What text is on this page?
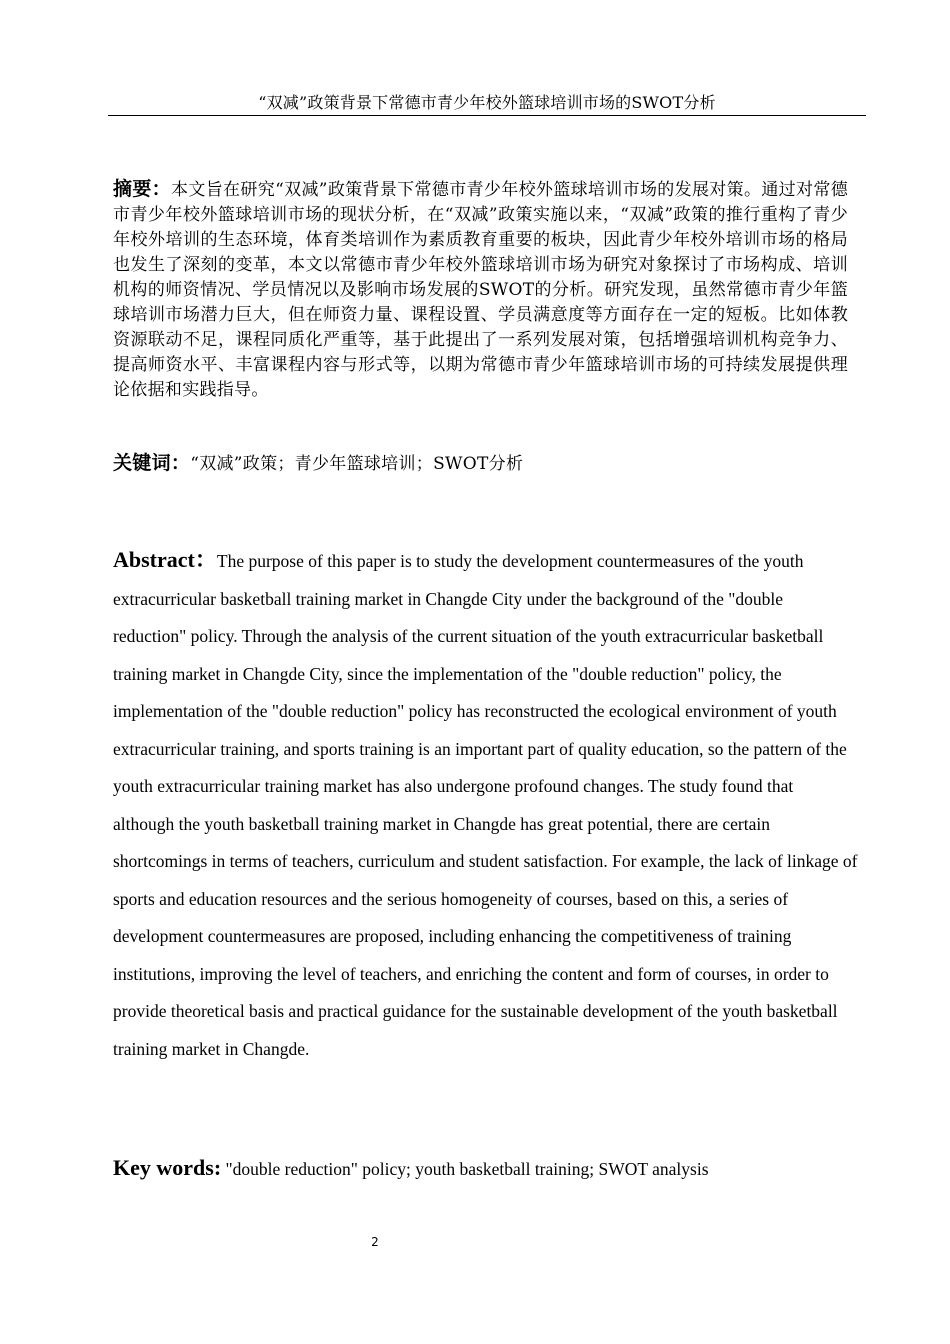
“双减”政策背景下常德市青少年校外篮球培训市场的SWOT分析
摘要：本文旨在研究“双减”政策背景下常德市青少年校外篮球培训市场的发展对策。通过对常德市青少年校外篮球培训市场的现状分析，在“双减”政策实施以来，“双减”政策的推行重构了青少年校外培训的生态环境，体育类培训作为素质教育重要的板块，因此青少年校外培训市场的格局也发生了深刻的变革，本文以常德市青少年校外篮球培训市场为研究对象探讨了市场构成、培训机构的师资情况、学员情况以及影响市场发展的SWOT的分析。研究发现，虽然常德市青少年篮球培训市场潜力巨大，但在师资力量、课程设置、学员满意度等方面存在一定的短板。比如体教资源联动不足，课程同质化严重等，基于此提出了一系列发展对策，包括增强培训机构竞争力、提高师资水平、丰富课程内容与形式等，以期为常德市青少年篮球培训市场的可持续发展提供理论依据和实践指导。
关键词：“双减”政策；青少年篮球培训；SWOT分析
Abstract：The purpose of this paper is to study the development countermeasures of the youth extracurricular basketball training market in Changde City under the background of the "double reduction" policy. Through the analysis of the current situation of the youth extracurricular basketball training market in Changde City, since the implementation of the "double reduction" policy, the implementation of the "double reduction" policy has reconstructed the ecological environment of youth extracurricular training, and sports training is an important part of quality education, so the pattern of the youth extracurricular training market has also undergone profound changes. The study found that although the youth basketball training market in Changde has great potential, there are certain shortcomings in terms of teachers, curriculum and student satisfaction. For example, the lack of linkage of sports and education resources and the serious homogeneity of courses, based on this, a series of development countermeasures are proposed, including enhancing the competitiveness of training institutions, improving the level of teachers, and enriching the content and form of courses, in order to provide theoretical basis and practical guidance for the sustainable development of the youth basketball training market in Changde.
Key words: "double reduction" policy; youth basketball training; SWOT analysis
2
